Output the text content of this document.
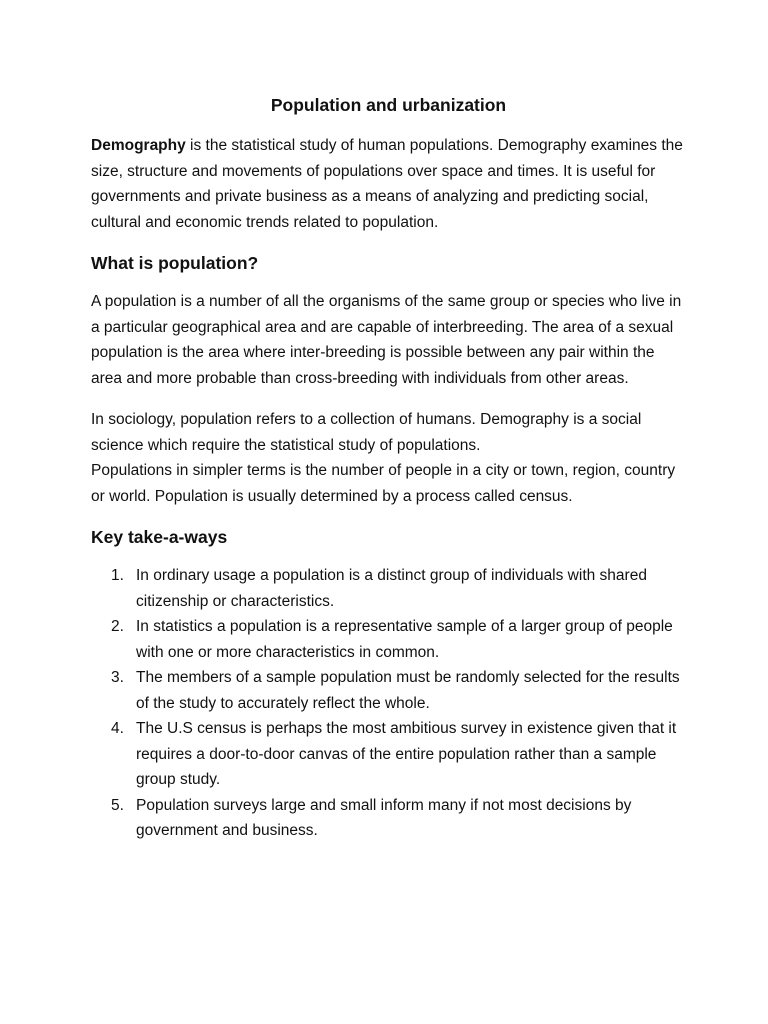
Population and urbanization

Demography is the statistical study of human populations. Demography examines the size, structure and movements of populations over space and times. It is useful for governments and private business as a means of analyzing and predicting social, cultural and economic trends related to population.

What is population?

A population is a number of all the organisms of the same group or species who live in a particular geographical area and are capable of interbreeding. The area of a sexual population is the area where inter-breeding is possible between any pair within the area and more probable than cross-breeding with individuals from other areas.

In sociology, population refers to a collection of humans. Demography is a social science which require the statistical study of populations.

Populations in simpler terms is the number of people in a city or town, region, country or world. Population is usually determined by a process called census.

Key take-a-ways
1. In ordinary usage a population is a distinct group of individuals with shared citizenship or characteristics.
2. In statistics a population is a representative sample of a larger group of people with one or more characteristics in common.
3. The members of a sample population must be randomly selected for the results of the study to accurately reflect the whole.
4. The U.S census is perhaps the most ambitious survey in existence given that it requires a door-to-door canvas of the entire population rather than a sample group study.
5. Population surveys large and small inform many if not most decisions by government and business.
